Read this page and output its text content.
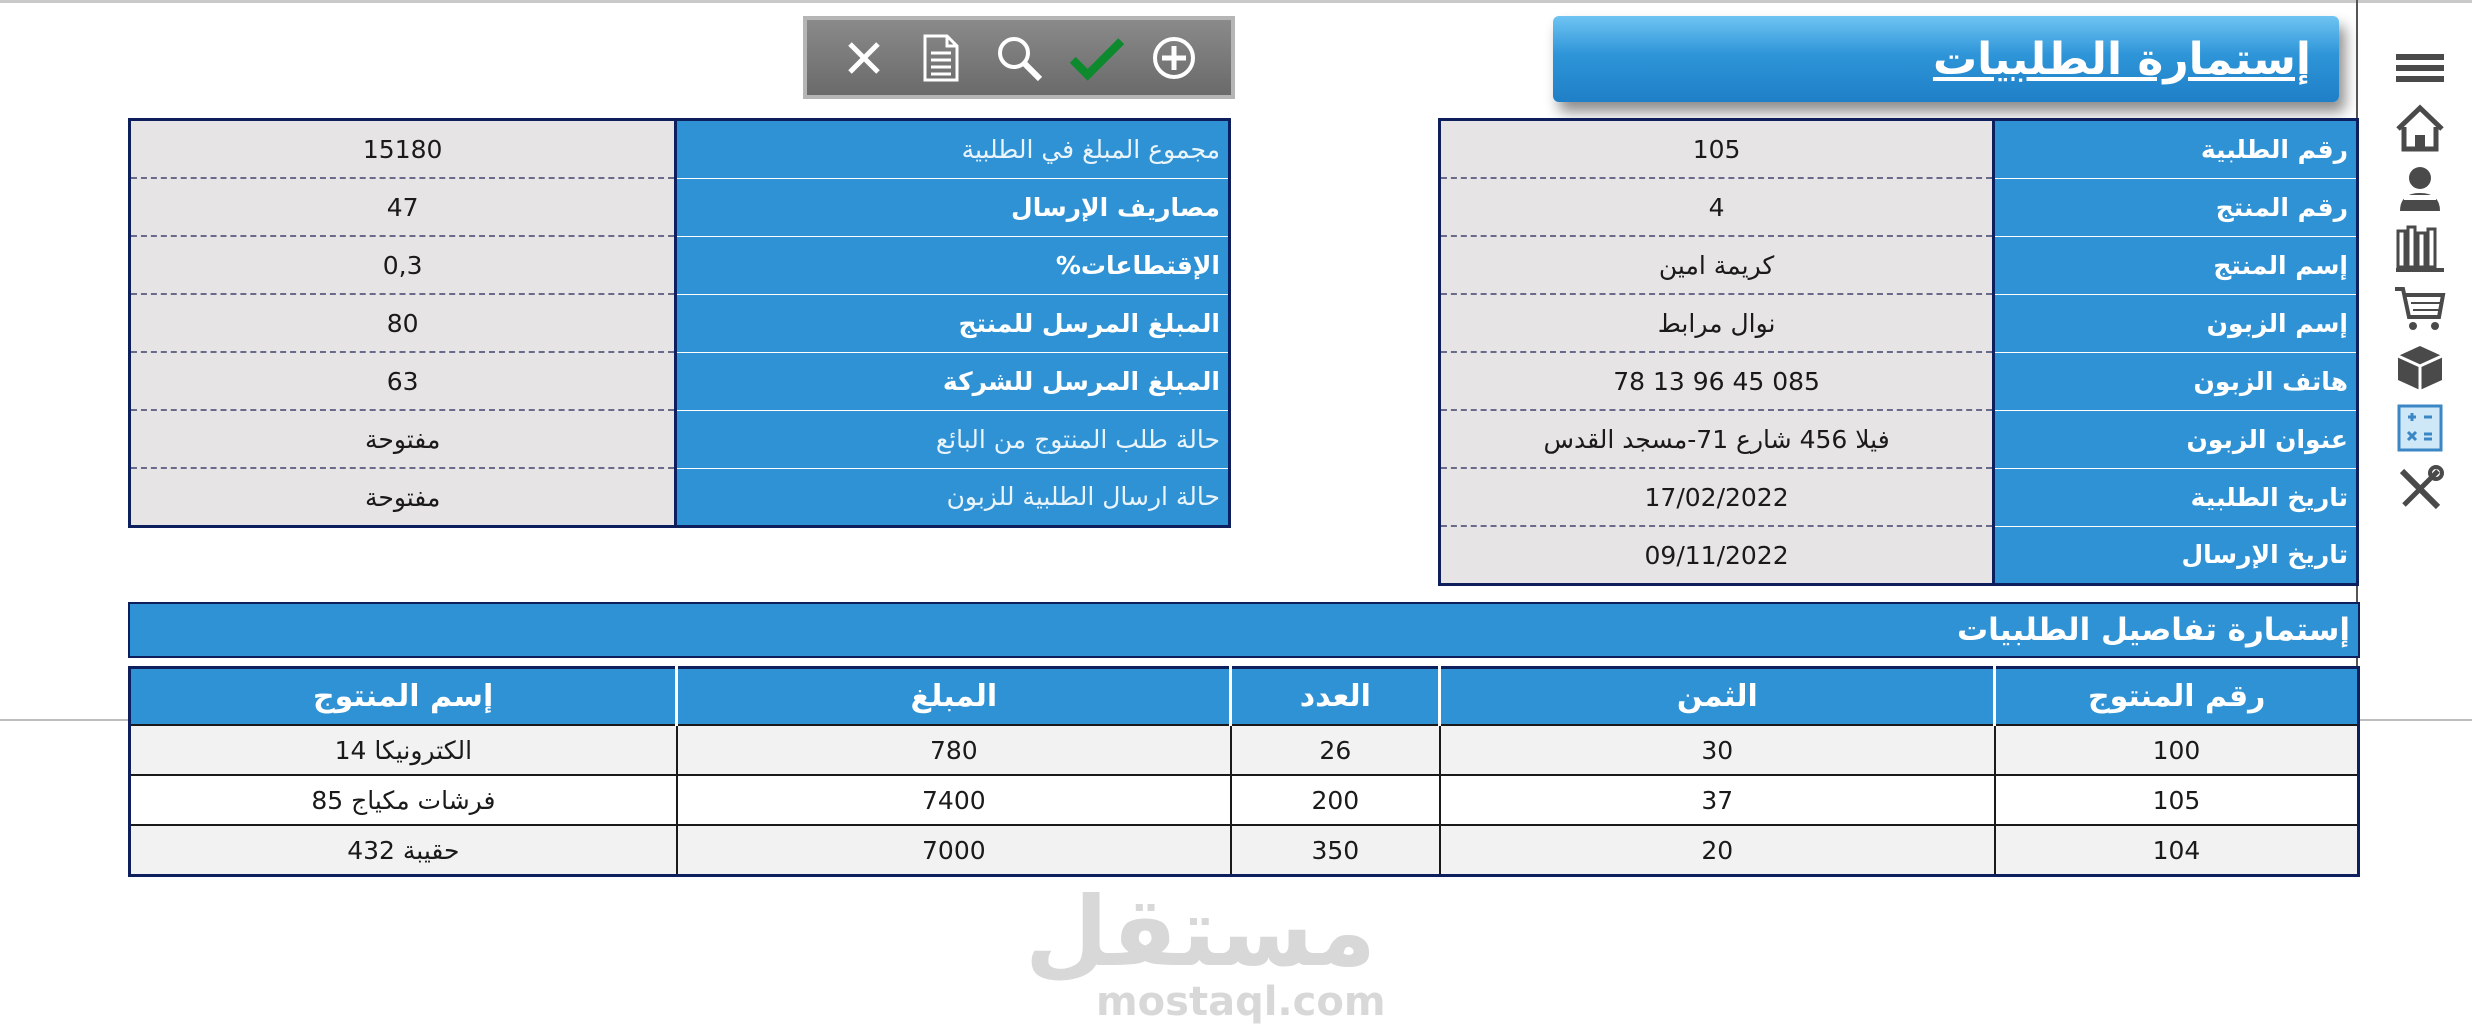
إستمارة الطلبيات
105	رقم الطلبية
4	رقم المنتج
كريمة امين	إسم المنتج
نوال مرابط	إسم الزبون
085 45 96 13 78	هاتف الزبون
فيلا 456 شارع 71-مسجد القدس	عنوان الزبون
17/02/2022	تاريخ الطلبية
09/11/2022	تاريخ الإرسال
15180	مجموع المبلغ في الطلبية
47	مصاريف الإرسال
0,3	الإقتطاعات%
80	المبلغ المرسل للمنتج
63	المبلغ المرسل للشركة
مفتوحة	حالة طلب المنتوج من البائع
مفتوحة	حالة ارسال الطلبية للزبون
إستمارة تفاصيل الطلبيات
إسم المنتوج	المبلغ	العدد	الثمن	رقم المنتوج
الكترونيكا 14	780	26	30	100
فرشات مكياج 85	7400	200	37	105
حقيبة 432	7000	350	20	104
مستقل
mostaql.com
